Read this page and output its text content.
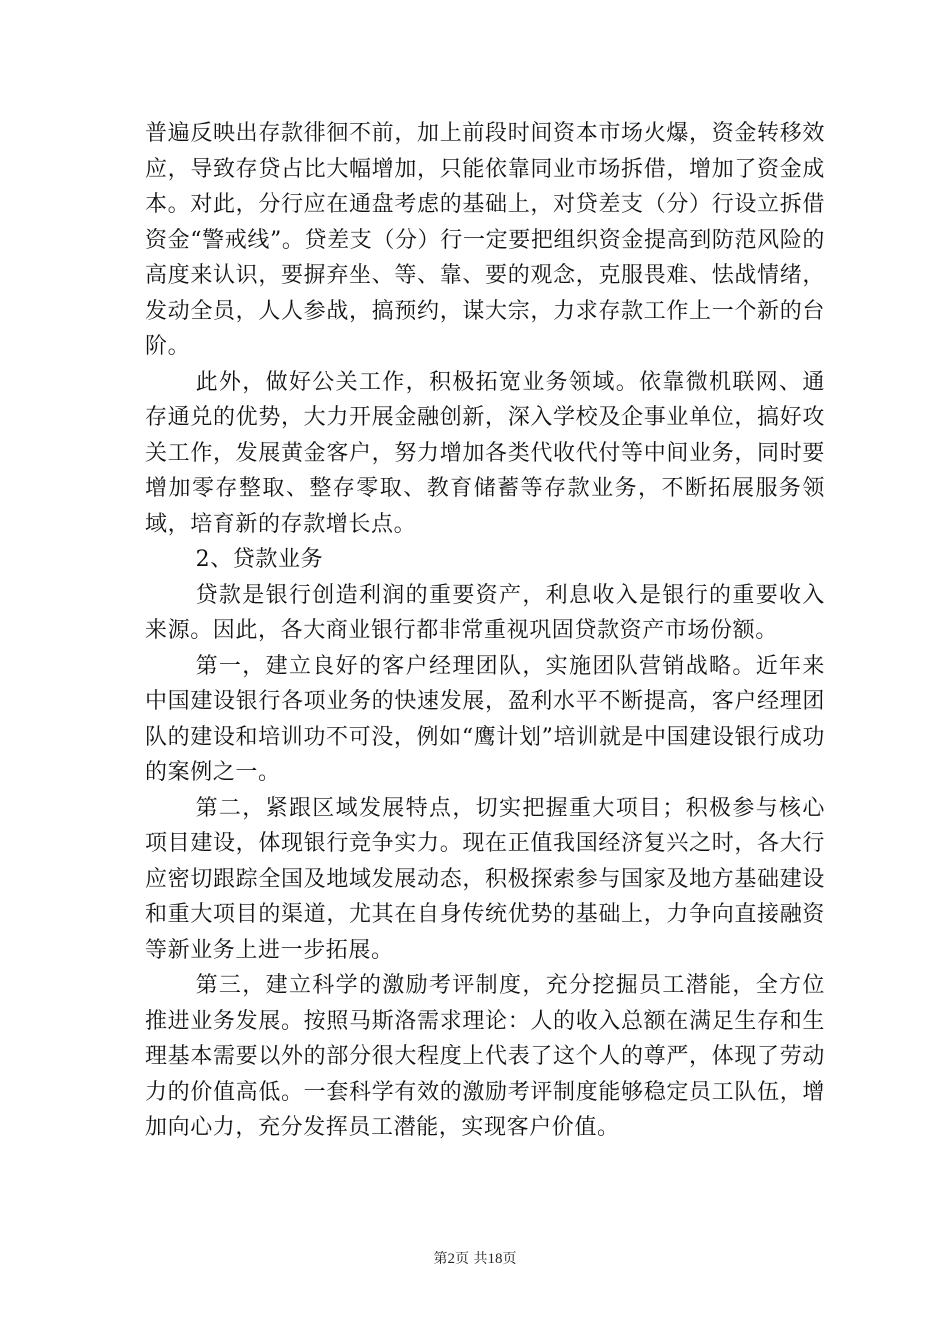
普遍反映出存款徘徊不前，加上前段时间资本市场火爆，资金转移效应，导致存贷占比大幅增加，只能依靠同业市场拆借，增加了资金成本。对此，分行应在通盘考虑的基础上，对贷差支（分）行设立拆借资金“警戒线”。贷差支（分）行一定要把组织资金提高到防范风险的高度来认识，要摒弃坐、等、靠、要的观念，克服畏难、怯战情绪，发动全员，人人参战，搞预约，谋大宗，力求存款工作上一个新的台阶。

此外，做好公关工作，积极拓宽业务领域。依靠微机联网、通存通兑的优势，大力开展金融创新，深入学校及企事业单位，搞好攻关工作，发展黄金客户，努力增加各类代收代付等中间业务，同时要增加零存整取、整存零取、教育储蓄等存款业务，不断拓展服务领域，培育新的存款增长点。

2、贷款业务

贷款是银行创造利润的重要资产，利息收入是银行的重要收入来源。因此，各大商业银行都非常重视巩固贷款资产市场份额。

第一，建立良好的客户经理团队，实施团队营销战略。近年来中国建设银行各项业务的快速发展，盈利水平不断提高，客户经理团队的建设和培训功不可没，例如“鹰计划”培训就是中国建设银行成功的案例之一。

第二，紧跟区域发展特点，切实把握重大项目；积极参与核心项目建设，体现银行竞争实力。现在正值我国经济复兴之时，各大行应密切跟踪全国及地域发展动态，积极探索参与国家及地方基础建设和重大项目的渠道，尤其在自身传统优势的基础上，力争向直接融资等新业务上进一步拓展。

第三，建立科学的激励考评制度，充分挖掘员工潜能，全方位推进业务发展。按照马斯洛需求理论：人的收入总额在满足生存和生理基本需要以外的部分很大程度上代表了这个人的尊严，体现了劳动力的价值高低。一套科学有效的激励考评制度能够稳定员工队伍，增加向心力，充分发挥员工潜能，实现客户价值。

第2页 共18页
